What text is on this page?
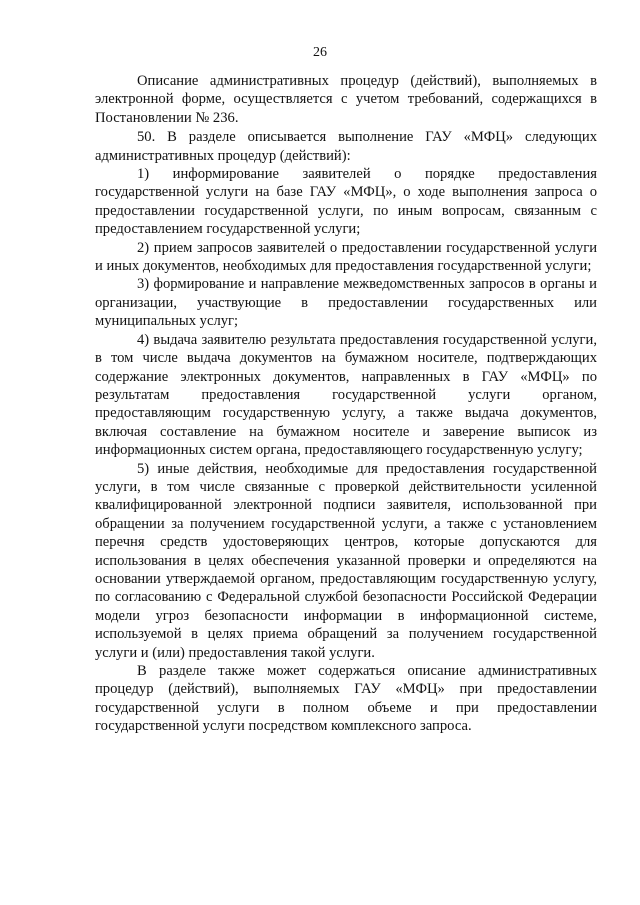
26

Описание административных процедур (действий), выполняемых в электронной форме, осуществляется с учетом требований, содержащихся в Постановлении № 236.

50. В разделе описывается выполнение ГАУ «МФЦ» следующих административных процедур (действий):

1) информирование заявителей о порядке предоставления государственной услуги на базе ГАУ «МФЦ», о ходе выполнения запроса о предоставлении государственной услуги, по иным вопросам, связанным с предоставлением государственной услуги;

2) прием запросов заявителей о предоставлении государственной услуги и иных документов, необходимых для предоставления государственной услуги;

3) формирование и направление межведомственных запросов в органы и организации, участвующие в предоставлении государственных или муниципальных услуг;

4) выдача заявителю результата предоставления государственной услуги, в том числе выдача документов на бумажном носителе, подтверждающих содержание электронных документов, направленных в ГАУ «МФЦ» по результатам предоставления государственной услуги органом, предоставляющим государственную услугу, а также выдача документов, включая составление на бумажном носителе и заверение выписок из информационных систем органа, предоставляющего государственную услугу;

5) иные действия, необходимые для предоставления государственной услуги, в том числе связанные с проверкой действительности усиленной квалифицированной электронной подписи заявителя, использованной при обращении за получением государственной услуги, а также с установлением перечня средств удостоверяющих центров, которые допускаются для использования в целях обеспечения указанной проверки и определяются на основании утверждаемой органом, предоставляющим государственную услугу, по согласованию с Федеральной службой безопасности Российской Федерации модели угроз безопасности информации в информационной системе, используемой в целях приема обращений за получением государственной услуги и (или) предоставления такой услуги.

В разделе также может содержаться описание административных процедур (действий), выполняемых ГАУ «МФЦ» при предоставлении государственной услуги в полном объеме и при предоставлении государственной услуги посредством комплексного запроса.
